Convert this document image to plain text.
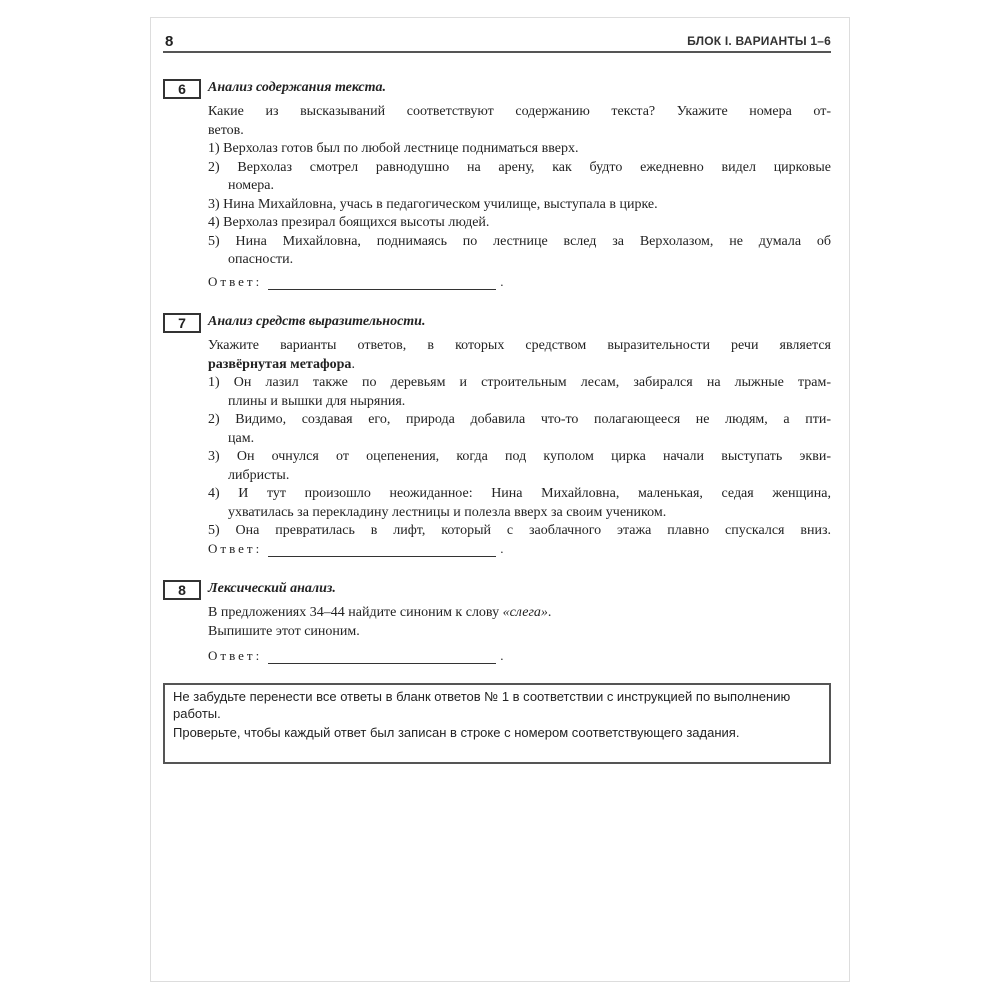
8	БЛОК I. ВАРИАНТЫ 1–6
6	Анализ содержания текста.
Какие из высказываний соответствуют содержанию текста? Укажите номера от-
ветов.
1) Верхолаз готов был по любой лестнице подниматься вверх.
2) Верхолаз смотрел равнодушно на арену, как будто ежедневно видел цирковые
номера.
3) Нина Михайловна, учась в педагогическом училище, выступала в цирке.
4) Верхолаз презирал боящихся высоты людей.
5) Нина Михайловна, поднимаясь по лестнице вслед за Верхолазом, не думала об
опасности.
Ответ:	.
7	Анализ средств выразительности.
Укажите варианты ответов, в которых средством выразительности речи является
развёрнутая метафора.
1) Он лазил также по деревьям и строительным лесам, забирался на лыжные трам-
плины и вышки для ныряния.
2) Видимо, создавая его, природа добавила что-то полагающееся не людям, а пти-
цам.
3) Он очнулся от оцепенения, когда под куполом цирка начали выступать экви-
либристы.
4) И тут произошло неожиданное: Нина Михайловна, маленькая, седая женщина,
ухватилась за перекладину лестницы и полезла вверх за своим учеником.
5) Она превратилась в лифт, который с заоблачного этажа плавно спускался вниз.
Ответ:	.
8	Лексический анализ.
В предложениях 34–44 найдите синоним к слову «слега».
Выпишите этот синоним.
Ответ:	.

Не забудьте перенести все ответы в бланк ответов № 1 в соответствии с инструкцией по выполнению работы.

Проверьте, чтобы каждый ответ был записан в строке с номером соответствующего задания.
